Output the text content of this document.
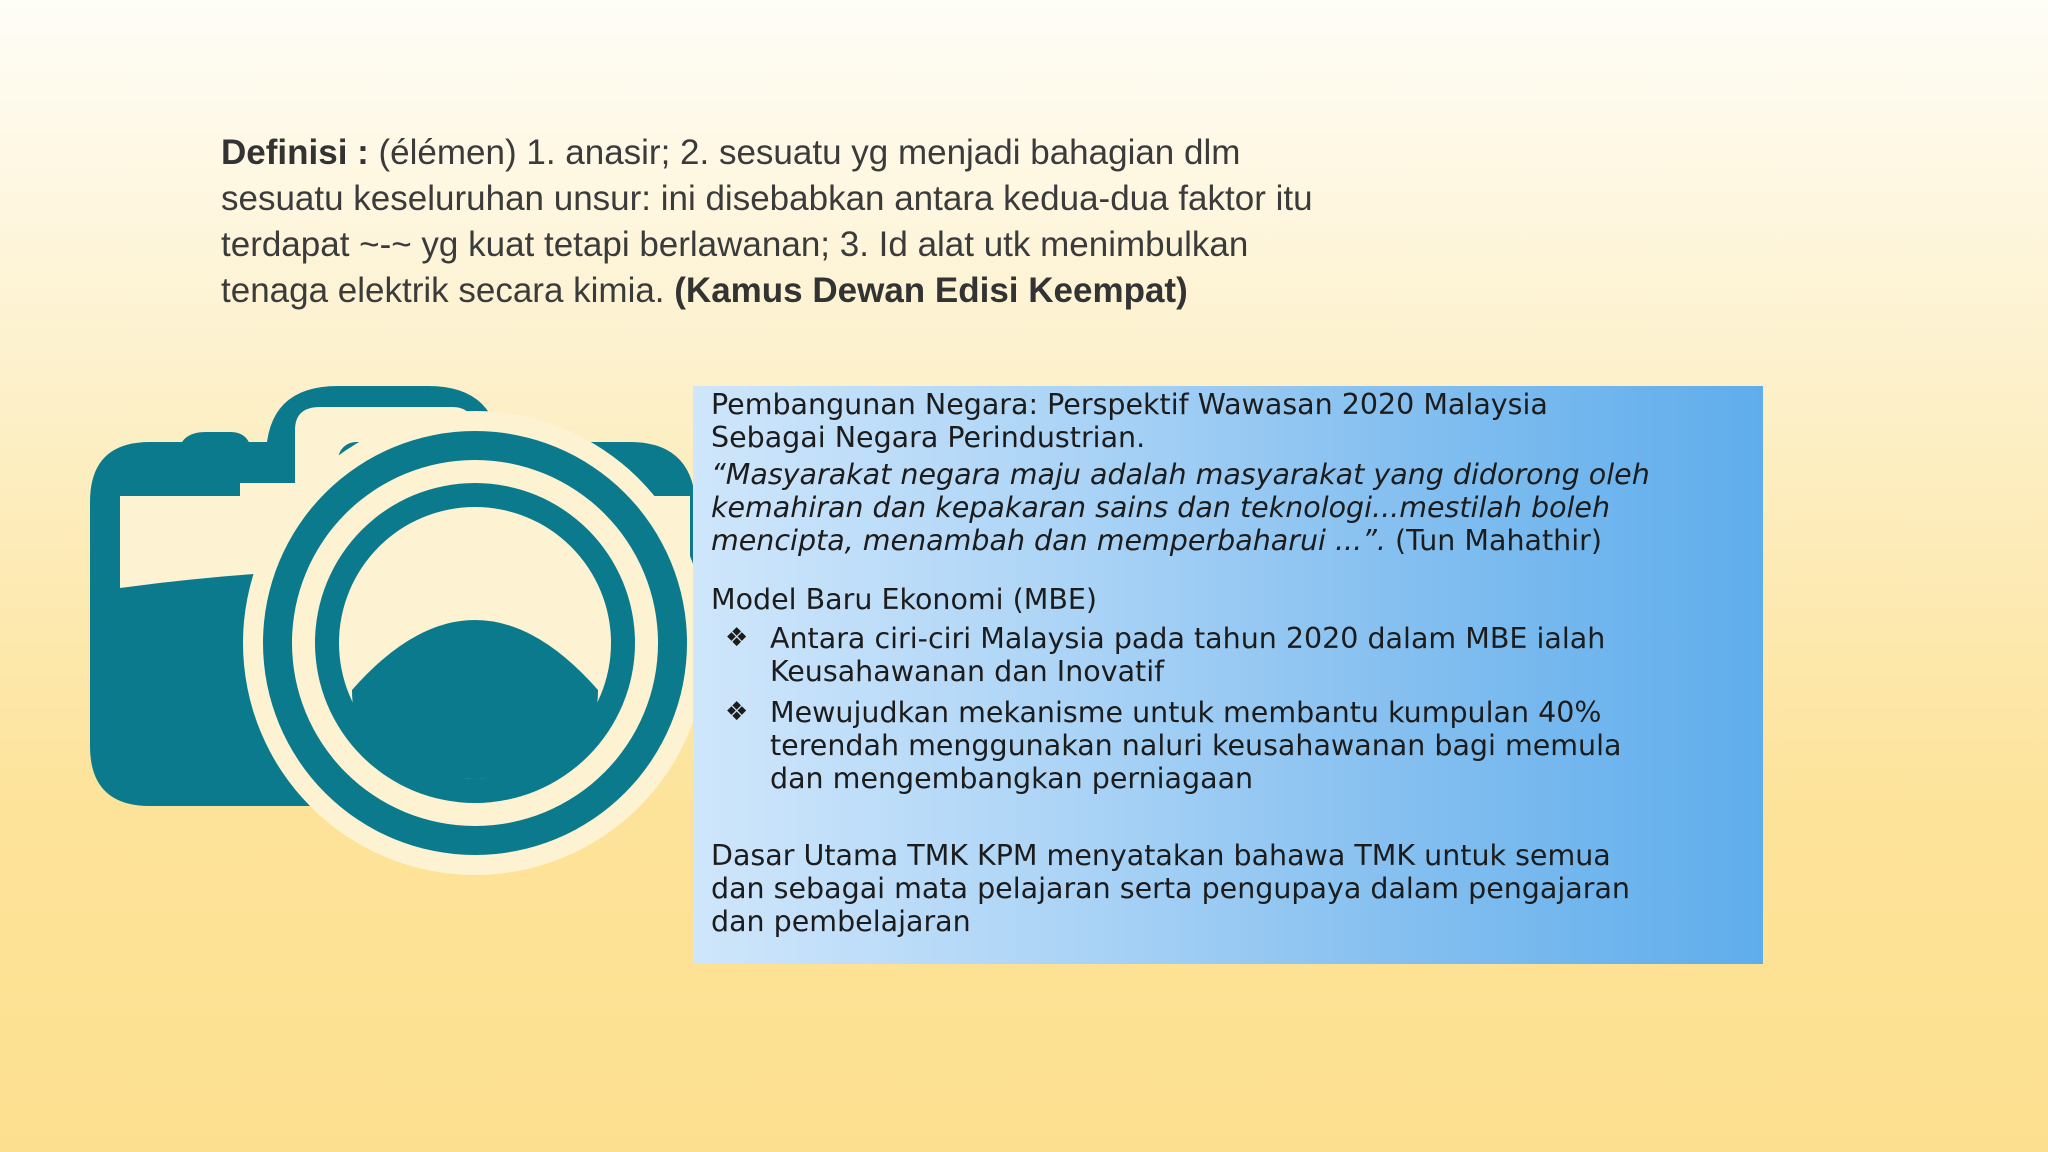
Definisi : (élémen) 1. anasir; 2. sesuatu yg menjadi bahagian dlm
sesuatu keseluruhan unsur: ini disebabkan antara kedua-dua faktor itu
terdapat ~-~ yg kuat tetapi berlawanan; 3. Id alat utk menimbulkan
tenaga elektrik secara kimia. (Kamus Dewan Edisi Keempat)
Pembangunan Negara: Perspektif Wawasan 2020 Malaysia
Sebagai Negara Perindustrian.
“Masyarakat negara maju adalah masyarakat yang didorong oleh
kemahiran dan kepakaran sains dan teknologi...mestilah boleh
mencipta, menambah dan memperbaharui ...”. (Tun Mahathir)
Model Baru Ekonomi (MBE)
❖ Antara ciri-ciri Malaysia pada tahun 2020 dalam MBE ialah
Keusahawanan dan Inovatif
❖ Mewujudkan mekanisme untuk membantu kumpulan 40%
terendah menggunakan naluri keusahawanan bagi memula
dan mengembangkan perniagaan
Dasar Utama TMK KPM menyatakan bahawa TMK untuk semua
dan sebagai mata pelajaran serta pengupaya dalam pengajaran
dan pembelajaran
